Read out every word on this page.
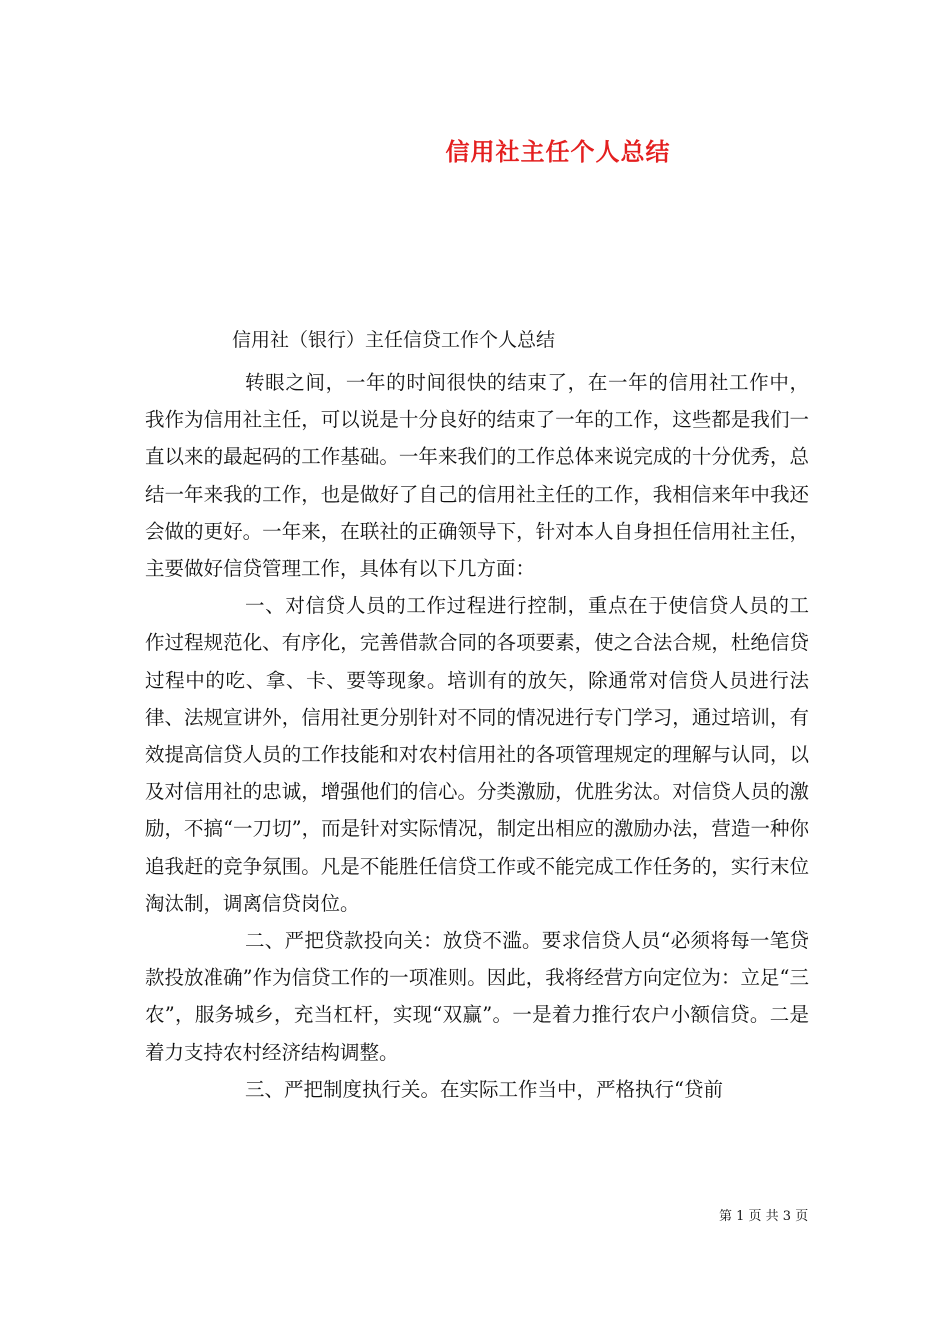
信用社主任个人总结
信用社（银行）主任信贷工作个人总结

转眼之间，一年的时间很快的结束了，在一年的信用社工作中，我作为信用社主任，可以说是十分良好的结束了一年的工作，这些都是我们一直以来的最起码的工作基础。一年来我们的工作总体来说完成的十分优秀，总结一年来我的工作，也是做好了自己的信用社主任的工作，我相信来年中我还会做的更好。一年来，在联社的正确领导下，针对本人自身担任信用社主任，主要做好信贷管理工作，具体有以下几方面：

一、对信贷人员的工作过程进行控制，重点在于使信贷人员的工作过程规范化、有序化，完善借款合同的各项要素，使之合法合规，杜绝信贷过程中的吃、拿、卡、要等现象。培训有的放矢，除通常对信贷人员进行法律、法规宣讲外，信用社更分别针对不同的情况进行专门学习，通过培训，有效提高信贷人员的工作技能和对农村信用社的各项管理规定的理解与认同，以及对信用社的忠诚，增强他们的信心。分类激励，优胜劣汰。对信贷人员的激励，不搞“一刀切”，而是针对实际情况，制定出相应的激励办法，营造一种你追我赶的竞争氛围。凡是不能胜任信贷工作或不能完成工作任务的，实行末位淘汰制，调离信贷岗位。

二、严把贷款投向关：放贷不滥。要求信贷人员“必须将每一笔贷款投放准确”作为信贷工作的一项准则。因此，我将经营方向定位为：立足“三农”，服务城乡，充当杠杆，实现“双赢”。一是着力推行农户小额信贷。二是着力支持农村经济结构调整。

三、严把制度执行关。在实际工作当中，严格执行“贷前

第 1 页 共 3 页
